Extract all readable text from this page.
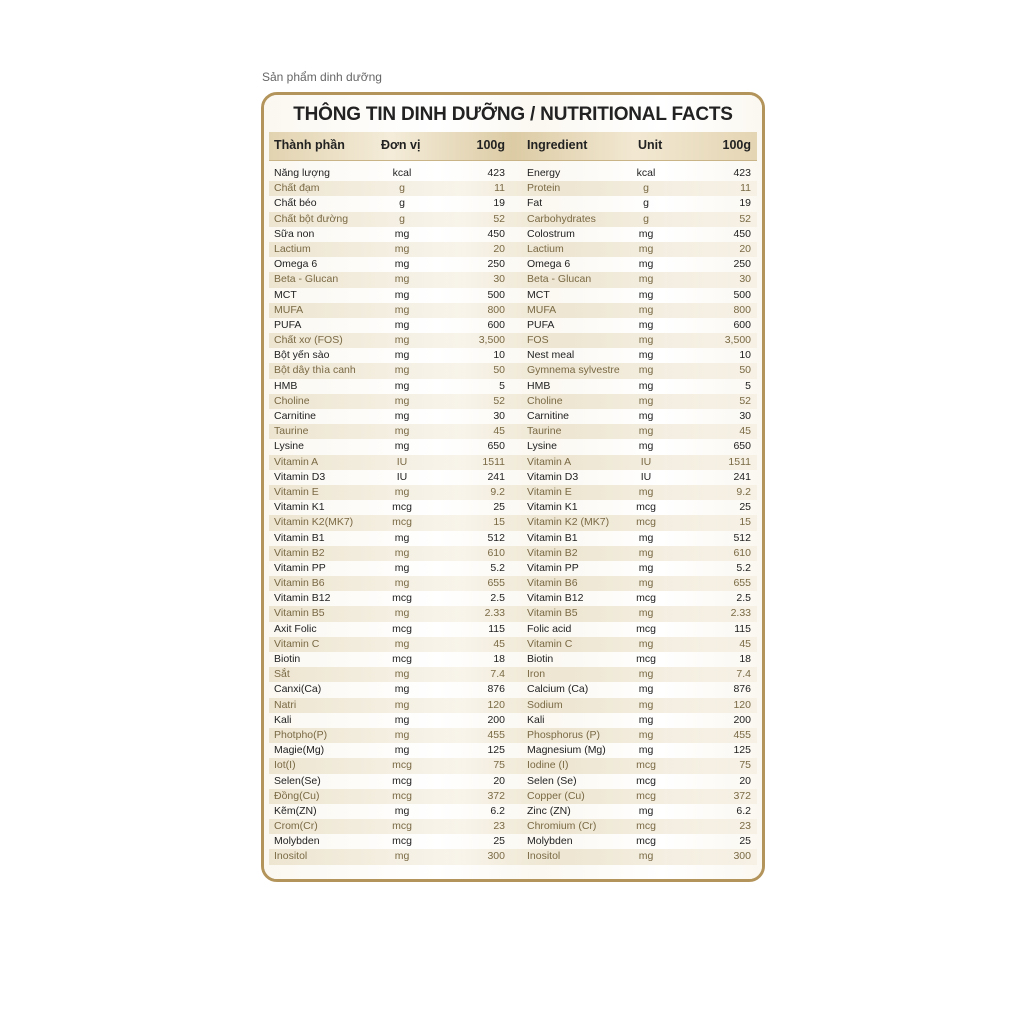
Sản phẩm dinh dưỡng
THÔNG TIN DINH DƯỠNG / NUTRITIONAL FACTS
Thành phần	Đơn vị	100g Ingredient	Unit	100g
Năng lượng	kcal	423 Energy	kcal	423
Chất đạm	g	11 Protein	g	11
Chất béo	g	19 Fat	g	19
Chất bột đường	g	52 Carbohydrates	g	52
Sữa non	mg	450 Colostrum	mg	450
Lactium	mg	20 Lactium	mg	20
Omega 6	mg	250 Omega 6	mg	250
Beta - Glucan	mg	30 Beta - Glucan	mg	30
MCT	mg	500 MCT	mg	500
MUFA	mg	800 MUFA	mg	800
PUFA	mg	600 PUFA	mg	600
Chất xơ (FOS)	mg	3,500 FOS	mg	3,500
Bột yến sào	mg	10 Nest meal	mg	10
Bột dây thìa canh	mg	50 Gymnema sylvestre	mg	50
HMB	mg	5 HMB	mg	5
Choline	mg	52 Choline	mg	52
Carnitine	mg	30 Carnitine	mg	30
Taurine	mg	45 Taurine	mg	45
Lysine	mg	650 Lysine	mg	650
Vitamin A	IU	1511 Vitamin A	IU	1511
Vitamin D3	IU	241 Vitamin D3	IU	241
Vitamin E	mg	9.2 Vitamin E	mg	9.2
Vitamin K1	mcg	25 Vitamin K1	mcg	25
Vitamin K2(MK7)	mcg	15 Vitamin K2 (MK7)	mcg	15
Vitamin B1	mg	512 Vitamin B1	mg	512
Vitamin B2	mg	610 Vitamin B2	mg	610
Vitamin PP	mg	5.2 Vitamin PP	mg	5.2
Vitamin B6	mg	655 Vitamin B6	mg	655
Vitamin B12	mcg	2.5 Vitamin B12	mcg	2.5
Vitamin B5	mg	2.33 Vitamin B5	mg	2.33
Axit Folic	mcg	115 Folic acid	mcg	115
Vitamin C	mg	45 Vitamin C	mg	45
Biotin	mcg	18 Biotin	mcg	18
Sắt	mg	7.4 Iron	mg	7.4
Canxi(Ca)	mg	876 Calcium (Ca)	mg	876
Natri	mg	120 Sodium	mg	120
Kali	mg	200 Kali	mg	200
Photpho(P)	mg	455 Phosphorus (P)	mg	455
Magie(Mg)	mg	125 Magnesium (Mg)	mg	125
Iot(I)	mcg	75 Iodine (I)	mcg	75
Selen(Se)	mcg	20 Selen (Se)	mcg	20
Đồng(Cu)	mcg	372 Copper (Cu)	mcg	372
Kẽm(ZN)	mg	6.2 Zinc (ZN)	mg	6.2
Crom(Cr)	mcg	23 Chromium (Cr)	mcg	23
Molybden	mcg	25 Molybden	mcg	25
Inositol	mg	300 Inositol	mg	300
